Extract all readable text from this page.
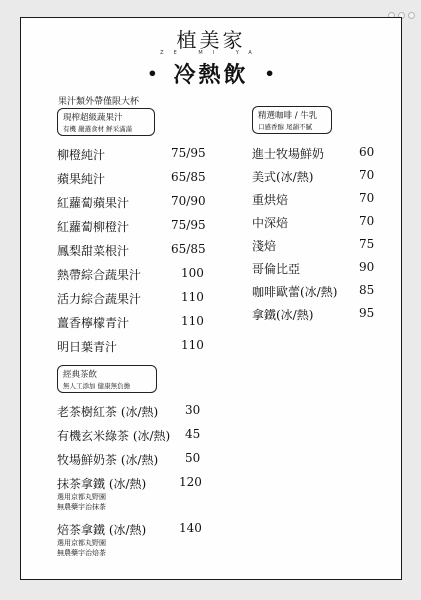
植美家
ZE MI YA
• 冷熱飲 •
果汁類外帶僅限大杯
現榨超級蔬果汁
有機 嚴選食材 鮮采滿滿
柳橙純汁	75/95
蘋果純汁	65/85
紅蘿蔔蘋果汁	70/90
紅蘿蔔柳橙汁	75/95
鳳梨甜菜根汁	65/85
熱帶綜合蔬果汁	100
活力綜合蔬果汁	110
薑香檸檬青汁	110
明日葉青汁	110
精選咖啡 / 牛乳
口感香醇 尾韻不膩
進士牧場鮮奶	60
美式(冰/熱)	70
重烘焙	70
中深焙	70
淺焙	75
哥倫比亞	90
咖啡歐蕾(冰/熱) 85
拿鐵(冰/熱)	95
經典茶飲
無人工添加 健康無負擔
老茶樹紅茶 (冰/熱) 30
有機玄米綠茶 (冰/熱) 45
牧場鮮奶茶 (冰/熱) 50
抹茶拿鐵 (冰/熱)	120
選用京都丸野園
無農藥宇治抹茶
焙茶拿鐵 (冰/熱)	140
選用京都丸野園
無農藥宇治焙茶
